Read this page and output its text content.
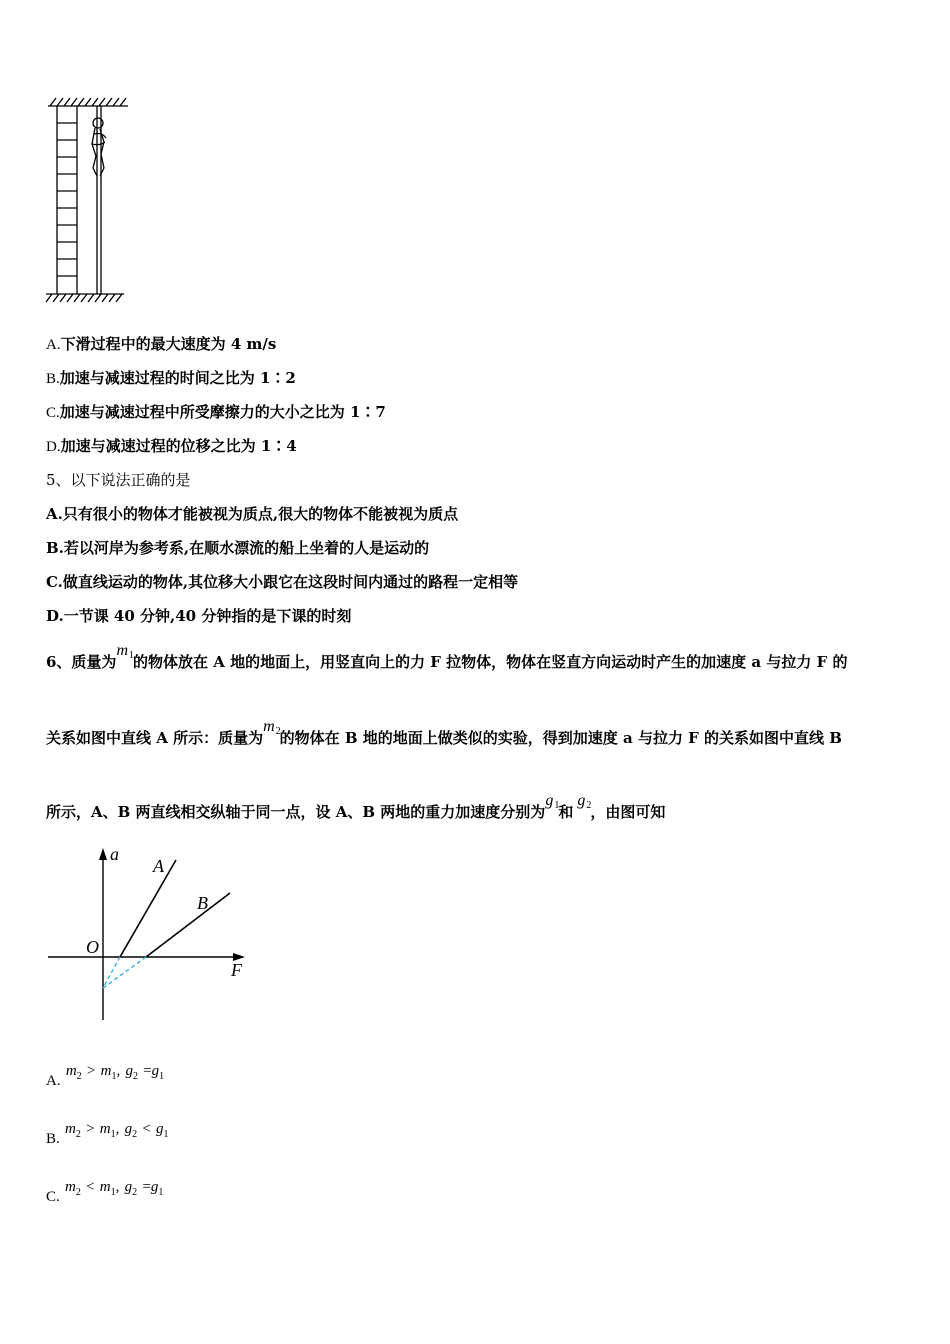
A.下滑过程中的最大速度为 4 m/s
B.加速与减速过程的时间之比为 1∶2
C.加速与减速过程中所受摩擦力的大小之比为 1∶7
D.加速与减速过程的位移之比为 1∶4
5、以下说法正确的是
A.只有很小的物体才能被视为质点,很大的物体不能被视为质点
B.若以河岸为参考系,在顺水漂流的船上坐着的人是运动的
C.做直线运动的物体,其位移大小跟它在这段时间内通过的路程一定相等
D.一节课 40 分钟,40 分钟指的是下课的时刻
6、质量为m1的物体放在 A 地的地面上，用竖直向上的力 F 拉物体，物体在竖直方向运动时产生的加速度 a 与拉力 F 的
关系如图中直线 A 所示：质量为m2的物体在 B 地的地面上做类似的实验，得到加速度 a 与拉力 F 的关系如图中直线 B
所示，A、B 两直线相交纵轴于同一点，设 A、B 两地的重力加速度分别为g1和g2，由图可知
a
F
O
A
B
A. $m_2 > m_1$, $g_2 =g_1$
B. $m_2 > m_1$, $g_2 < g_1$
C. $m_2 < m_1$, $g_2 =g_1$
